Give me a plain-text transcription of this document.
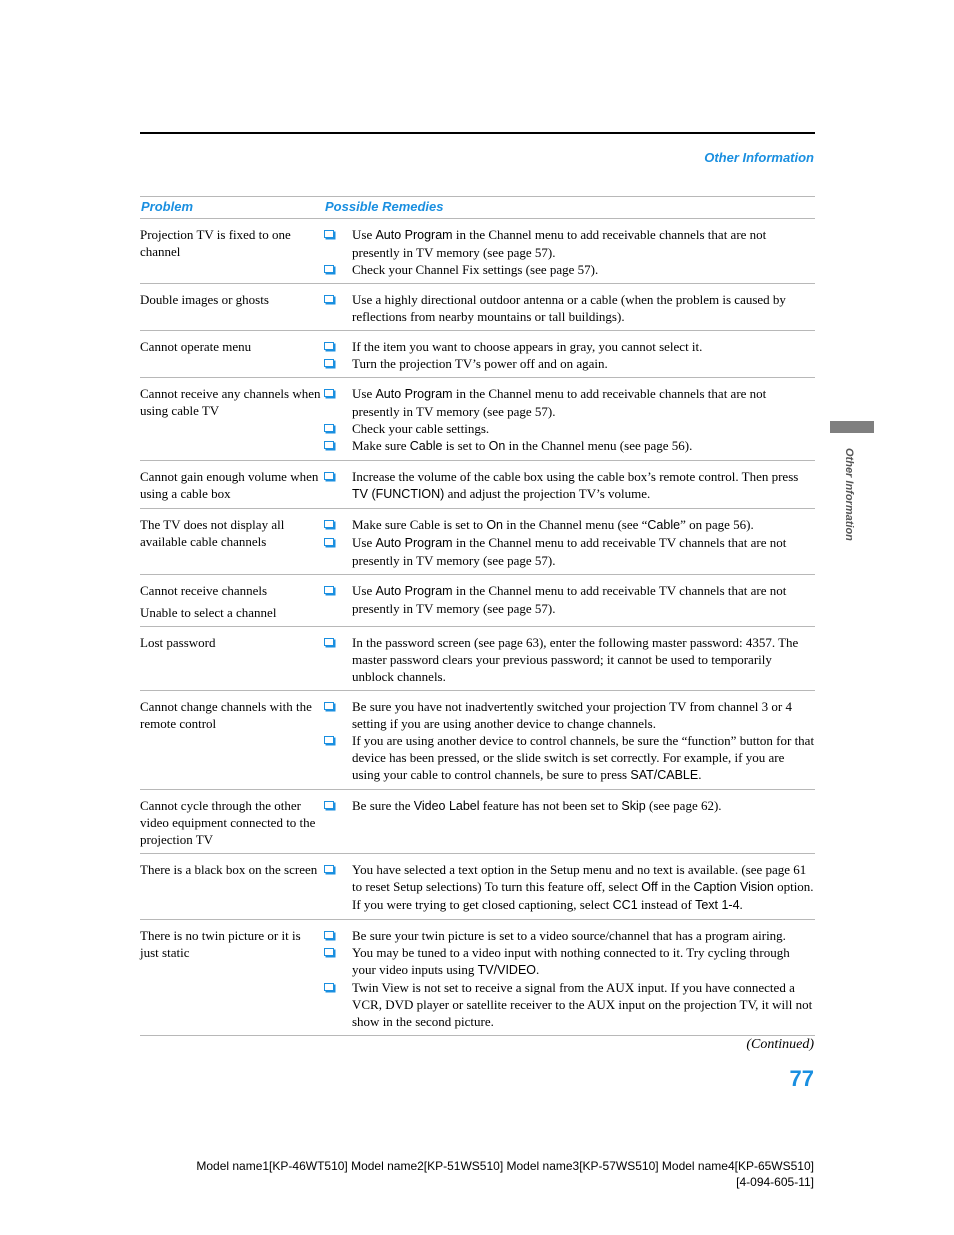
Other Information
Other Information
Problem	Possible Remedies

Projection TV is fixed to one channel	Use Auto Program in the Channel menu to add receivable channels that are not presently in TV memory (see page 57).
Check your Channel Fix settings (see page 57).

Double images or ghosts	Use a highly directional outdoor antenna or a cable (when the problem is caused by reflections from nearby mountains or tall buildings).

Cannot operate menu	If the item you want to choose appears in gray, you cannot select it.
Turn the projection TV’s power off and on again.

Cannot receive any channels when using cable TV	Use Auto Program in the Channel menu to add receivable channels that are not presently in TV memory (see page 57).
Check your cable settings.
Make sure Cable is set to On in the Channel menu (see page 56).

Cannot gain enough volume when using a cable box	Increase the volume of the cable box using the cable box’s remote control. Then press TV (FUNCTION) and adjust the projection TV’s volume.

The TV does not display all available cable channels	Make sure Cable is set to On in the Channel menu (see “Cable” on page 56).
Use Auto Program in the Channel menu to add receivable TV channels that are not presently in TV memory (see page 57).

Cannot receive channels
Unable to select a channel	Use Auto Program in the Channel menu to add receivable TV channels that are not presently in TV memory (see page 57).

Lost password	In the password screen (see page 63), enter the following master password: 4357. The master password clears your previous password; it cannot be used to temporarily unblock channels.

Cannot change channels with the remote control	Be sure you have not inadvertently switched your projection TV from channel 3 or 4 setting if you are using another device to change channels.
If you are using another device to control channels, be sure the “function” button for that device has been pressed, or the slide switch is set correctly. For example, if you are using your cable to control channels, be sure to press SAT/CABLE.

Cannot cycle through the other video equipment connected to the projection TV	Be sure the Video Label feature has not been set to Skip (see page 62).

There is a black box on the screen	You have selected a text option in the Setup menu and no text is available. (see page 61 to reset Setup selections) To turn this feature off, select Off in the Caption Vision option. If you were trying to get closed captioning, select CC1 instead of Text 1-4.

There is no twin picture or it is just static	Be sure your twin picture is set to a video source/channel that has a program airing.
You may be tuned to a video input with nothing connected to it. Try cycling through your video inputs using TV/VIDEO.
Twin View is not set to receive a signal from the AUX input. If you have connected a VCR, DVD player or satellite receiver to the AUX input on the projection TV, it will not show in the second picture.
(Continued)
77
Model name1[KP-46WT510] Model name2[KP-51WS510] Model name3[KP-57WS510] Model name4[KP-65WS510]
[4-094-605-11]
